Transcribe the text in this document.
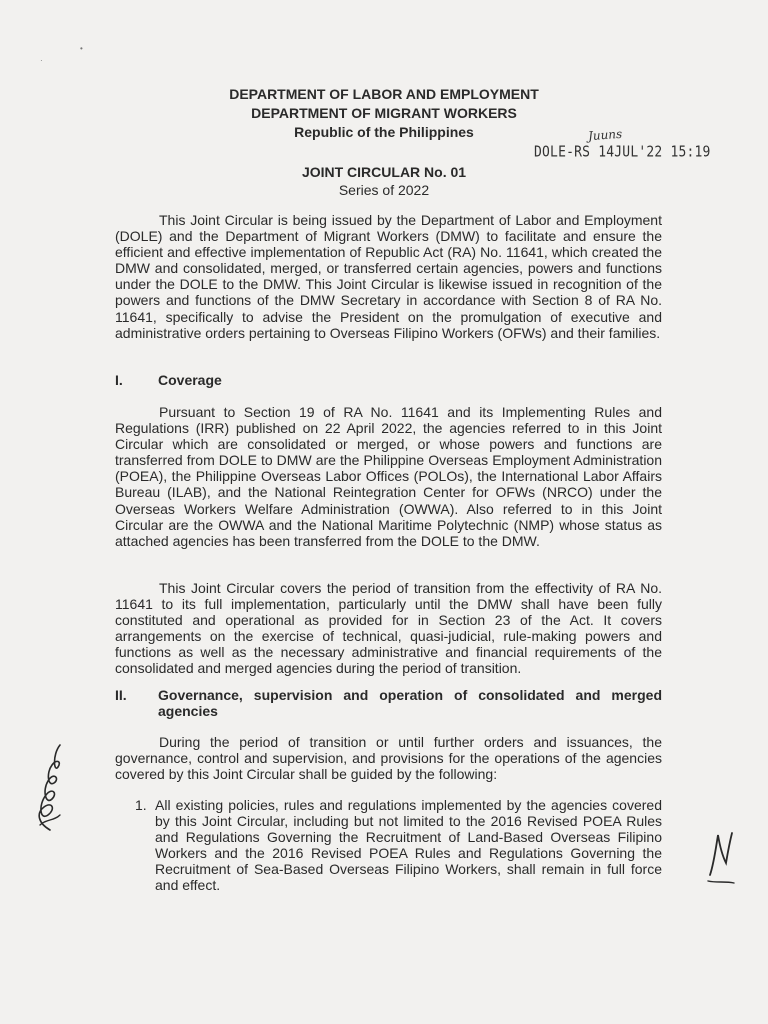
•
·
DEPARTMENT OF LABOR AND EMPLOYMENT
DEPARTMENT OF MIGRANT WORKERS
Republic of the Philippines	Juuns
DOLE-RS 14JUL'22 15:19
JOINT CIRCULAR No. 01
Series of 2022

This Joint Circular is being issued by the Department of Labor and Employment (DOLE) and the Department of Migrant Workers (DMW) to facilitate and ensure the efficient and effective implementation of Republic Act (RA) No. 11641, which created the DMW and consolidated, merged, or transferred certain agencies, powers and functions under the DOLE to the DMW. This Joint Circular is likewise issued in recognition of the powers and functions of the DMW Secretary in accordance with Section 8 of RA No. 11641, specifically to advise the President on the promulgation of executive and administrative orders pertaining to Overseas Filipino Workers (OFWs) and their families.

I.	Coverage

Pursuant to Section 19 of RA No. 11641 and its Implementing Rules and Regulations (IRR) published on 22 April 2022, the agencies referred to in this Joint Circular which are consolidated or merged, or whose powers and functions are transferred from DOLE to DMW are the Philippine Overseas Employment Administration (POEA), the Philippine Overseas Labor Offices (POLOs), the International Labor Affairs Bureau (ILAB), and the National Reintegration Center for OFWs (NRCO) under the Overseas Workers Welfare Administration (OWWA). Also referred to in this Joint Circular are the OWWA and the National Maritime Polytechnic (NMP) whose status as attached agencies has been transferred from the DOLE to the DMW.

This Joint Circular covers the period of transition from the effectivity of RA No. 11641 to its full implementation, particularly until the DMW shall have been fully constituted and operational as provided for in Section 23 of the Act. It covers arrangements on the exercise of technical, quasi-judicial, rule-making powers and functions as well as the necessary administrative and financial requirements of the consolidated and merged agencies during the period of transition.

II. Governance, supervision and operation of consolidated and merged agencies

During the period of transition or until further orders and issuances, the governance, control and supervision, and provisions for the operations of the agencies covered by this Joint Circular shall be guided by the following:

1. All existing policies, rules and regulations implemented by the agencies covered by this Joint Circular, including but not limited to the 2016 Revised POEA Rules and Regulations Governing the Recruitment of Land-Based Overseas Filipino Workers and the 2016 Revised POEA Rules and Regulations Governing the Recruitment of Sea-Based Overseas Filipino Workers, shall remain in full force and effect.
